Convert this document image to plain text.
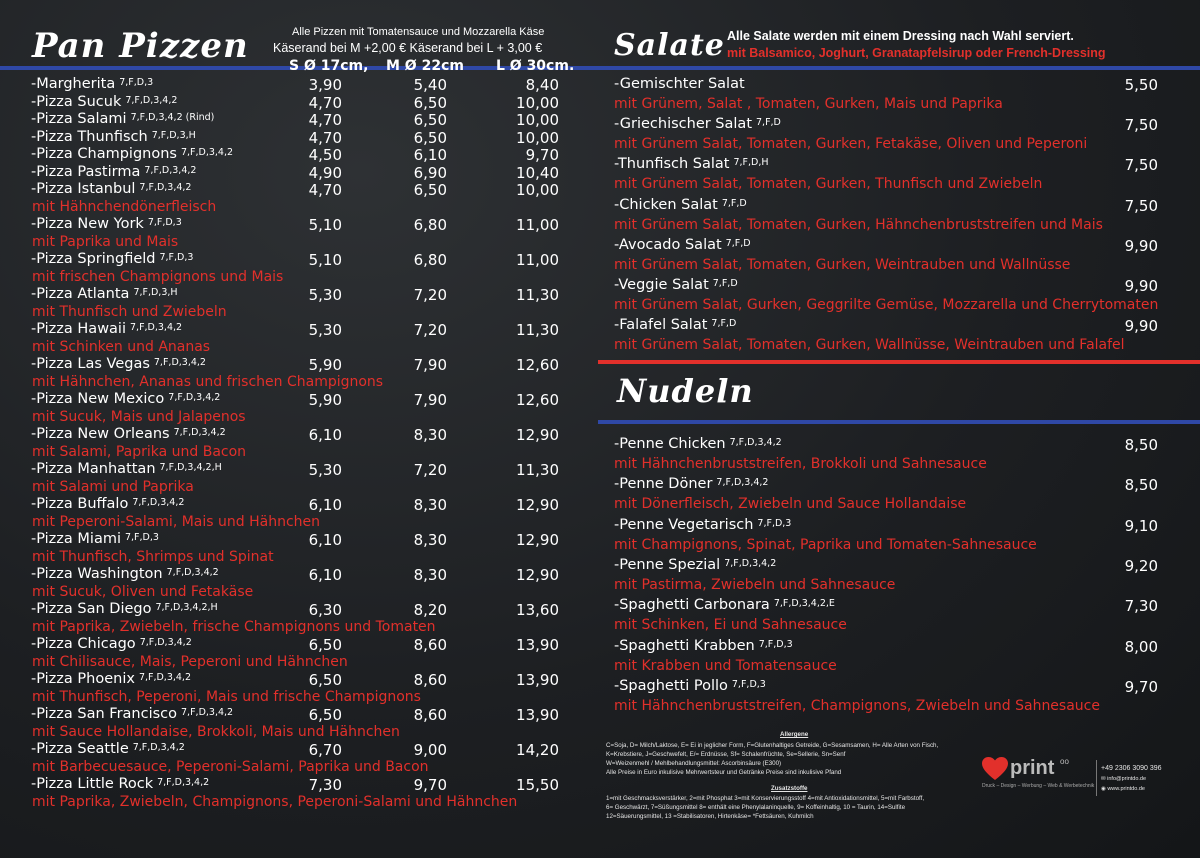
Pan Pizzen	Alle Pizzen mit Tomatensauce und Mozzarella Käse
Käserand bei M +2,00 € Käserand bei L + 3,00 €
S Ø 17cm, M Ø 22cm L Ø 30cm.
-Margherita $^{7,F,D,3}$	3,90	5,40	8,40
-Pizza Sucuk $^{7,F,D,3,4,2}$	4,70	6,50	10,00
-Pizza Salami $^{7,F,D,3,4,2 (Rind)}$	4,70	6,50	10,00
-Pizza Thunfisch $^{7,F,D,3,H}$	4,70	6,50	10,00
-Pizza Champignons $^{7,F,D,3,4,2}$	4,50	6,10	9,70
-Pizza Pastirma $^{7,F,D,3,4,2}$	4,90	6,90	10,40
-Pizza Istanbul $^{7,F,D,3,4,2}$	4,70	6,50	10,00
mit Hähnchendönerfleisch
-Pizza New York $^{7,F,D,3}$	5,10	6,80	11,00
mit Paprika und Mais
-Pizza Springfield $^{7,F,D,3}$	5,10	6,80	11,00
mit frischen Champignons und Mais
-Pizza Atlanta $^{7,F,D,3,H}$	5,30	7,20	11,30
mit Thunfisch und Zwiebeln
-Pizza Hawaii $^{7,F,D,3,4,2}$	5,30	7,20	11,30
mit Schinken und Ananas
-Pizza Las Vegas $^{7,F,D,3,4,2}$	5,90	7,90	12,60
mit Hähnchen, Ananas und frischen Champignons
-Pizza New Mexico $^{7,F,D,3,4,2}$	5,90	7,90	12,60
mit Sucuk, Mais und Jalapenos
-Pizza New Orleans $^{7,F,D,3,4,2}$	6,10	8,30	12,90
mit Salami, Paprika und Bacon
-Pizza Manhattan $^{7,F,D,3,4,2,H}$	5,30	7,20	11,30
mit Salami und Paprika
-Pizza Buffalo $^{7,F,D,3,4,2}$	6,10	8,30	12,90
mit Peperoni-Salami, Mais und Hähnchen
-Pizza Miami $^{7,F,D,3}$	6,10	8,30	12,90
mit Thunfisch, Shrimps und Spinat
-Pizza Washington $^{7,F,D,3,4,2}$	6,10	8,30	12,90
mit Sucuk, Oliven und Fetakäse
-Pizza San Diego $^{7,F,D,3,4,2,H}$	6,30	8,20	13,60
mit Paprika, Zwiebeln, frische Champignons und Tomaten
-Pizza Chicago $^{7,F,D,3,4,2}$	6,50	8,60	13,90
mit Chilisauce, Mais, Peperoni und Hähnchen
-Pizza Phoenix $^{7,F,D,3,4,2}$	6,50	8,60	13,90
mit Thunfisch, Peperoni, Mais und frische Champignons
-Pizza San Francisco $^{7,F,D,3,4,2}$	6,50	8,60	13,90
mit Sauce Hollandaise, Brokkoli, Mais und Hähnchen
-Pizza Seattle $^{7,F,D,3,4,2}$	6,70	9,00	14,20
mit Barbecuesauce, Peperoni-Salami, Paprika und Bacon
-Pizza Little Rock $^{7,F,D,3,4,2}$	7,30	9,70	15,50
mit Paprika, Zwiebeln, Champignons, Peperoni-Salami und Hähnchen
Salate Alle Salate werden mit einem Dressing nach Wahl serviert.
mit Balsamico, Joghurt, Granatapfelsirup oder French-Dressing
-Gemischter Salat	5,50
mit Grünem, Salat , Tomaten, Gurken, Mais und Paprika
-Griechischer Salat $^{7,F,D}$	7,50
mit Grünem Salat, Tomaten, Gurken, Fetakäse, Oliven und Peperoni
-Thunfisch Salat $^{7,F,D,H}$	7,50
mit Grünem Salat, Tomaten, Gurken, Thunfisch und Zwiebeln
-Chicken Salat $^{7,F,D}$	7,50
mit Grünem Salat, Tomaten, Gurken, Hähnchenbruststreifen und Mais
-Avocado Salat $^{7,F,D}$	9,90
mit Grünem Salat, Tomaten, Gurken, Weintrauben und Wallnüsse
-Veggie Salat $^{7,F,D}$	9,90
mit Grünem Salat, Gurken, Geggrilte Gemüse, Mozzarella und Cherrytomaten
-Falafel Salat $^{7,F,D}$	9,90
mit Grünem Salat, Tomaten, Gurken, Wallnüsse, Weintrauben und Falafel
Nudeln
-Penne Chicken $^{7,F,D,3,4,2}$	8,50
mit Hähnchenbruststreifen, Brokkoli und Sahnesauce
-Penne Döner $^{7,F,D,3,4,2}$	8,50
mit Dönerfleisch, Zwiebeln und Sauce Hollandaise
-Penne Vegetarisch $^{7,F,D,3}$	9,10
mit Champignons, Spinat, Paprika und Tomaten-Sahnesauce
-Penne Spezial $^{7,F,D,3,4,2}$	9,20
mit Pastirma, Zwiebeln und Sahnesauce
-Spaghetti Carbonara $^{7,F,D,3,4,2,E}$	7,30
mit Schinken, Ei und Sahnesauce
-Spaghetti Krabben $^{7,F,D,3}$	8,00
mit Krabben und Tomatensauce
-Spaghetti Pollo $^{7,F,D,3}$	9,70
mit Hähnchenbruststreifen, Champignons, Zwiebeln und Sahnesauce
Allergene
C=Soja, D= Milch/Laktose, E= Ei in jeglicher Form, F=Glutenhaltiges Getreide, G=Sesamsamen, H= Alle Arten von Fisch,
K=Krebstiere, J=Geschwefelt, E/= Erdnüsse, Sf= Schalenfrüchte, Se=Sellerie, Sn=Senf
W=Weizenmehl / Mehlbehandlungsmittel: Ascorbinsäure (E300)
Alle Preise in Euro inkulisive Mehrwertsteur und Getränke Preise sind inkulisive Pfand
Zusatzstoffe
1=mit Geschmacksverstärker, 2=mit Phosphat 3=mit Konservierungsstoff 4=mit Antioxidationsmittel, 5=mit Farbstoff,
6= Geschwärzt, 7=Süßungsmittel 8= enthält eine Phenylalaninquelle, 9= Koffeinhaltig, 10 = Taurin, 14=Sulfite
12=Säuerungsmittel, 13 =Stabilisatoren, Hirtenkäse= *Fettsäuren, Kuhmilch
print oo
Druck – Design – Werbung – Web & Werbetechnik
+49 2306 3090 396
✉ info@printdo.de
◉ www.printdo.de
